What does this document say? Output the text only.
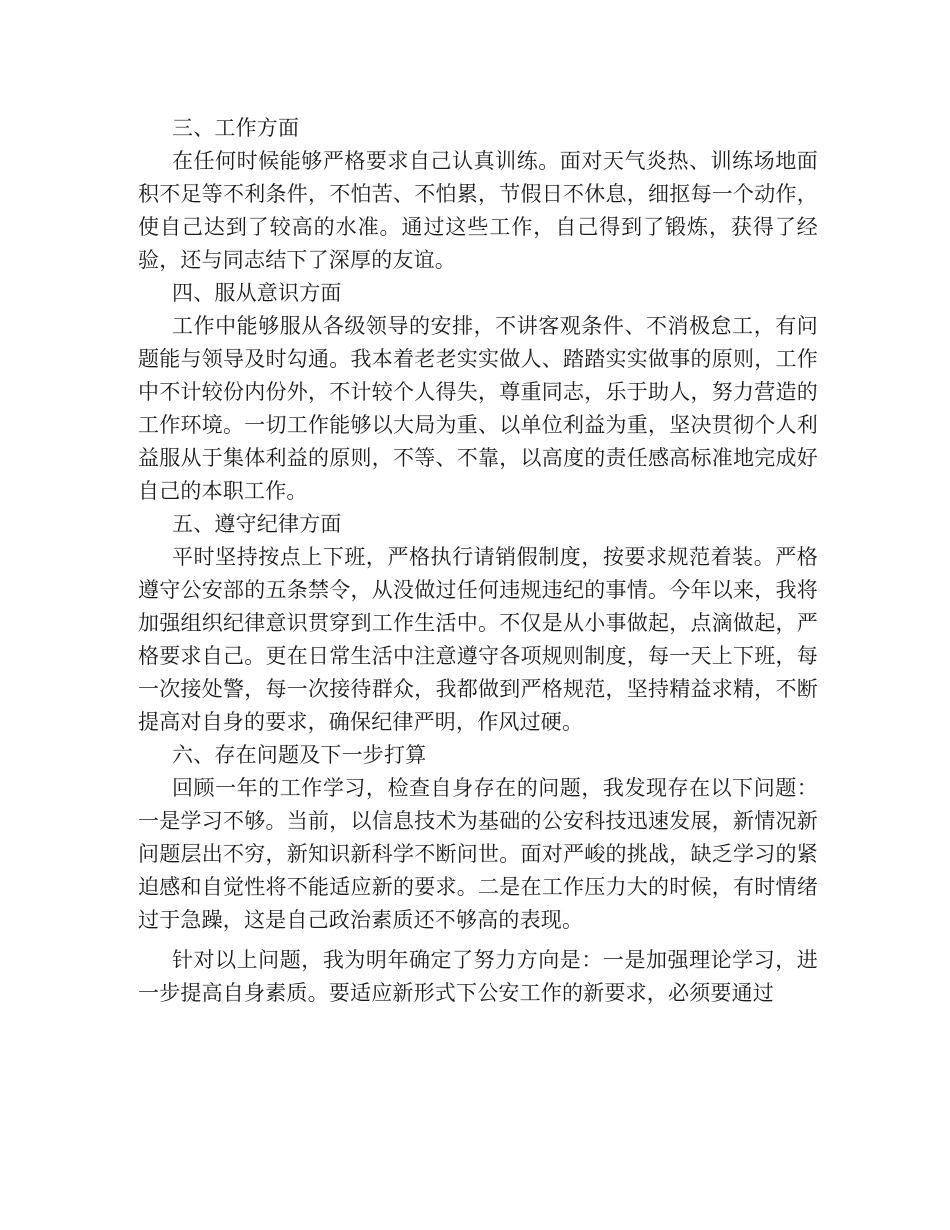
三、工作方面

在任何时候能够严格要求自己认真训练。面对天气炎热、训练场地面积不足等不利条件，不怕苦、不怕累，节假日不休息，细抠每一个动作，使自己达到了较高的水准。通过这些工作，自己得到了锻炼，获得了经验，还与同志结下了深厚的友谊。

四、服从意识方面

工作中能够服从各级领导的安排，不讲客观条件、不消极怠工，有问题能与领导及时勾通。我本着老老实实做人、踏踏实实做事的原则，工作中不计较份内份外，不计较个人得失，尊重同志，乐于助人，努力营造的工作环境。一切工作能够以大局为重、以单位利益为重，坚决贯彻个人利益服从于集体利益的原则，不等、不靠，以高度的责任感高标准地完成好自己的本职工作。

五、遵守纪律方面

平时坚持按点上下班，严格执行请销假制度，按要求规范着装。严格遵守公安部的五条禁令，从没做过任何违规违纪的事情。今年以来，我将加强组织纪律意识贯穿到工作生活中。不仅是从小事做起，点滴做起，严格要求自己。更在日常生活中注意遵守各项规则制度，每一天上下班，每一次接处警，每一次接待群众，我都做到严格规范，坚持精益求精，不断提高对自身的要求，确保纪律严明，作风过硬。

六、存在问题及下一步打算

回顾一年的工作学习，检查自身存在的问题，我发现存在以下问题：一是学习不够。当前，以信息技术为基础的公安科技迅速发展，新情况新问题层出不穷，新知识新科学不断问世。面对严峻的挑战，缺乏学习的紧迫感和自觉性将不能适应新的要求。二是在工作压力大的时候，有时情绪过于急躁，这是自己政治素质还不够高的表现。

针对以上问题，我为明年确定了努力方向是：一是加强理论学习，进一步提高自身素质。要适应新形式下公安工作的新要求，必须要通过
